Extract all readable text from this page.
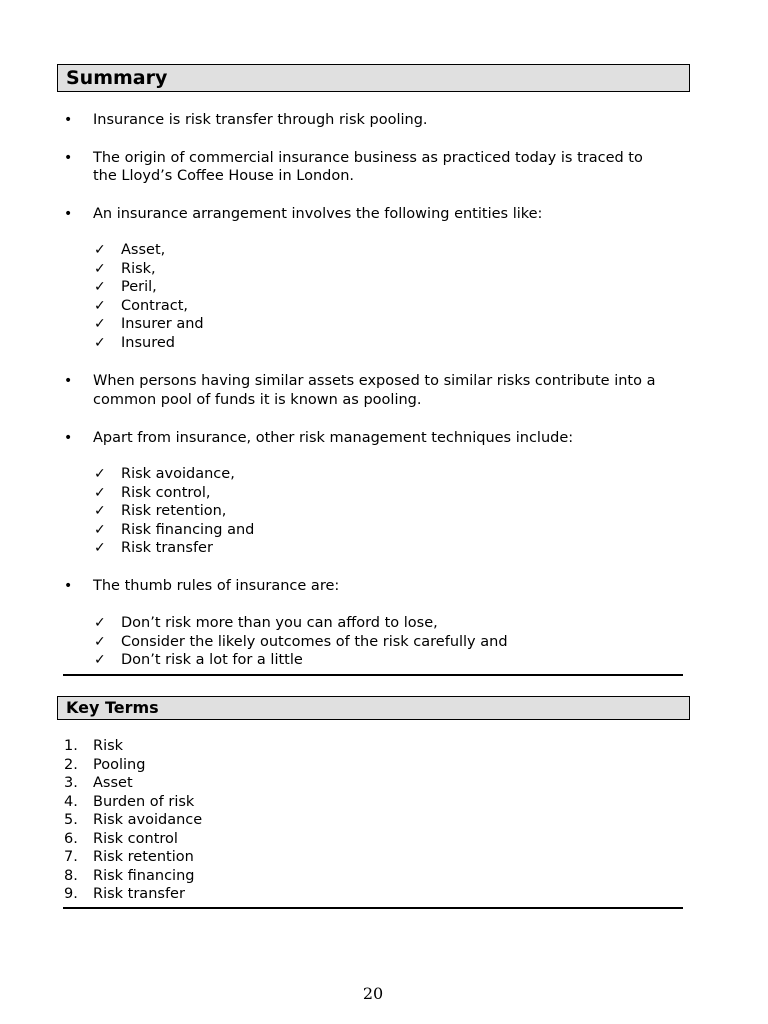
Summary
• Insurance is risk transfer through risk pooling.
• The origin of commercial insurance business as practiced today is traced to
the Lloyd’s Coffee House in London.
• An insurance arrangement involves the following entities like:
✓ Asset,
✓ Risk,
✓ Peril,
✓ Contract,
✓ Insurer and
✓ Insured
• When persons having similar assets exposed to similar risks contribute into a
common pool of funds it is known as pooling.
• Apart from insurance, other risk management techniques include:
✓ Risk avoidance,
✓ Risk control,
✓ Risk retention,
✓ Risk financing and
✓ Risk transfer
• The thumb rules of insurance are:
✓ Don’t risk more than you can afford to lose,
✓ Consider the likely outcomes of the risk carefully and
✓ Don’t risk a lot for a little
Key Terms
1. Risk
2. Pooling
3. Asset
4. Burden of risk
5. Risk avoidance
6. Risk control
7. Risk retention
8. Risk financing
9. Risk transfer
20
